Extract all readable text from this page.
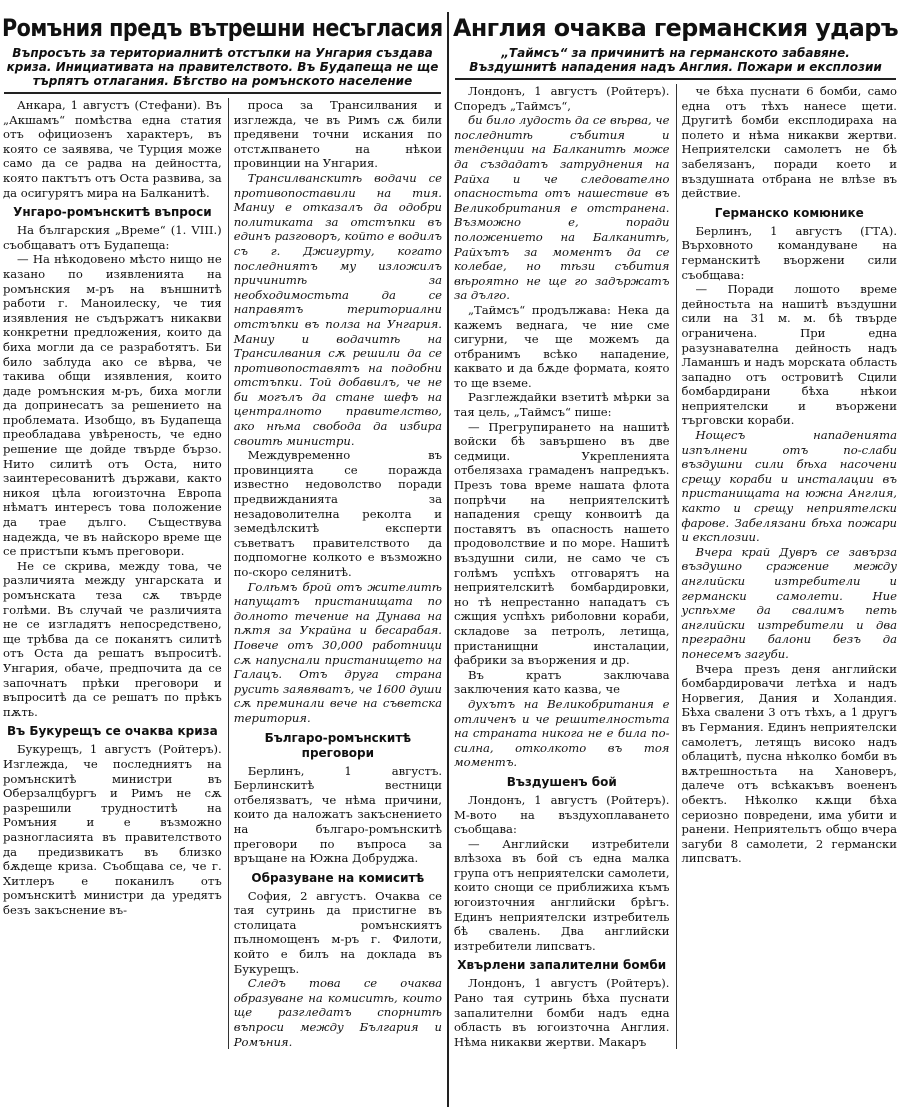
Ромъния предъ вътрешни несъгласия
Въпросъть за териториалнитѣ отстъпки на Унгария създава криза. Инициативата на правителството. Въ Будапеща не ще търпятъ отлагания. Бѣгство на ромънското население

Анкара, 1 августъ (Стефани). Въ „Акшамъ“ помѣства една статия отъ официозенъ характеръ, въ която се заявява, че Турция може само да се радва на дейността, която пактътъ отъ Оста развива, за да осигурятъ мира на Балканитѣ.

Унгаро-ромънскитѣ въпроси

На българския „Време“ (1. VIII.) съобщаватъ отъ Будапеща:

— На нѣкодовено мѣсто нищо не казано по изявленията на ромънския м-ръ на външнитѣ работи г. Маноилеску, че тия изявления не съдържатъ никакви конкретни предложения, които да биха могли да се разработятъ. Би било заблуда ако се вѣрва, че такива общи изявления, които даде ромънския м-ръ, биха могли да допринесатъ за решението на проблемата. Изобщо, въ Будапеща преобладава увѣреность, че едно решение ще дойде твърде бързо. Нито силитѣ отъ Оста, нито заинтересованитѣ държави, както никоя цѣла югоизточна Европа нѣматъ интересъ това положение да трае дълго. Съществува надежда, че въ найскоро време ще се пристъпи къмъ преговори.

Не се скрива, между това, че различията между унгарската и ромънската теза сѫ твърде голѣми. Въ случай че различията не се изгладятъ непосредствено, ще трѣбва да се поканятъ силитѣ отъ Оста да решатъ въпроситѣ. Унгария, обаче, предпочита да се започнатъ прѣки преговори и въпроситѣ да се решатъ по прѣкъ пѫть.

Въ Букурещъ се очаква криза

Букурещъ, 1 августъ (Ройтеръ). Изглежда, че последниятъ на ромънскитѣ министри въ Оберзалцбургъ и Римъ не сѫ разрешили трудноститѣ на Ромъния и е възможно разногласията въ правителството да предизвикатъ въ близко бѫдеще криза. Съобщава се, че г. Хитлеръ е поканилъ отъ ромънскитѣ министри да уредятъ безъ закъснение въ-

проса за Трансилвания и изглежда, че въ Римъ сѫ били предявени точни искания по отстѫпването на нѣкои провинции на Унгария.

Трансилванскитѣ водачи се противопоставили на тия. Маниу е отказалъ да одобри политиката за отстъпки въ единъ разговоръ, който е водилъ съ г. Джигурту, когато последниятъ му изложилъ причинитѣ за необходимостьта да се направятъ териториални отстъпки въ полза на Унгария. Маниу и водачитѣ на Трансилвания сѫ решили да се противопоставятъ на подобни отстъпки. Той добавилъ, че не би могълъ да стане шефъ на централното правителство, ако нѣма свобода да избира своитѣ министри.

Междувременно въ провинцията се поражда известно недоволство поради предвижданията за незадоволителна реколта и земедѣлскитѣ експерти съветватъ правителството да подпомогне колкото е възможно по-скоро селянитѣ.

Голѣмъ брой отъ жителитѣ напущатъ пристанищата по долното течение на Дунава на пѫтя за Украйна и бесарабая. Повече отъ 30,000 работници сѫ напуснали пристанището на Галацъ. Отъ друга страна русить заявяватъ, че 1600 души сѫ преминали вече на съветска територия.

Българо-ромънскитѣ преговори

Берлинъ, 1 августъ. Берлинскитѣ вестници отбелязватъ, че нѣма причини, които да наложатъ закъснението на българо-ромънскитѣ преговори по въпроса за връщане на Южна Добруджа.

Образуване на комиситѣ

София, 2 августъ. Очаква се тая сутринь да пристигне въ столицата ромънскиятъ пълномощенъ м-ръ г. Филоти, който е билъ на доклада въ Букурещъ.

Следъ това се очаква образуване на комиситѣ, които ще разгледатъ спорнитѣ въпроси между България и Ромъния.

Англия очаква германския ударъ
„Таймсъ“ за причинитѣ на германското забавяне. Въздушнитѣ нападения надъ Англия. Пожари и експлозии

Лондонъ, 1 августъ (Ройтеръ). Споредъ „Таймсъ“,

би било лудость да се вѣрва, че последнитѣ събития и тенденции на Балканитѣ може да създадатъ затруднения на Райха и че следователно опасностьта отъ нашествие въ Великобритания е отстранена. Възможно е, поради положението на Балканитѣ, Райхътъ за моментъ да се колебае, но тѣзи събития вѣроятно не ще го задържатъ за дълго.

„Таймсъ“ продължава: Нека да кажемъ веднага, че ние сме сигурни, че ще можемъ да отбранимъ всѣко нападение, каквато и да бѫде формата, която то ще вземе.

Разглеждайки взетитѣ мѣрки за тая цель, „Таймсъ“ пише:

— Прегрупирането на нашитѣ войски бѣ завършено въ две седмици. Укрепленията отбелязаха грамаденъ напредъкъ. Презъ това време нашата флота попрѣчи на неприятелскитѣ нападения срещу конвоитѣ да поставятъ въ опасность нашето продоволствие и по море. Нашитѣ въздушни сили, не само че съ голѣмъ успѣхъ отговарятъ на неприятелскитѣ бомбардировки, но тѣ непрестанно нападатъ съ сжщия успѣхъ риболовни кораби, складове за петролъ, летища, пристанищни инсталации, фабрики за въоржения и др.

Въ кратъ заключава заключения като казва, че

духътъ на Великобритания е отличенъ и че решителностьта на страната никога не е била по-силна, отколкото въ тоя моментъ.

Въздушенъ бой

Лондонъ, 1 августъ (Ройтеръ). М-вото на въздухоплаването съобщава:

— Английски изтребители влѣзоха въ бой съ една малка група отъ неприятелски самолети, които снощи се приближиха къмъ югоизточния английски брѣгъ. Единъ неприятелски изтребитель бѣ свалень. Два английски изтребители липсватъ.

Хвърлени запалителни бомби

Лондонъ, 1 августъ (Ройтеръ). Рано тая сутринь бѣха пуснати запалителни бомби надъ една область въ югоизточна Англия. Нѣма никакви жертви. Макаръ

че бѣха пуснати 6 бомби, само една отъ тѣхъ нанесе щети. Другитѣ бомби експлодираха на полето и нѣма никакви жертви. Неприятелски самолетъ не бѣ забелязанъ, поради което и въздушната отбрана не влѣзе въ действие.

Германско комюнике

Берлинъ, 1 августъ (ГТА). Върховното командуване на германскитѣ въоржени сили съобщава:

— Поради лошото време дейностьта на нашитѣ въздушни сили на 31 м. м. бѣ твърде ограничена. При една разузнавателна дейность надъ Ламаншъ и надъ морската область западно отъ островитѣ Сцили бомбардирани бѣха нѣкои неприятелски и въоржени търговски кораби.

Нощесъ нападенията изпълнени отъ по-слаби въздушни сили бѣха насочени срещу кораби и инсталации въ пристанищата на южна Англия, както и срещу неприятелски фарове. Забелязани бѣха пожари и експлозии.

Вчера край Дувръ се завърза въздушно сражение между английски изтребители и германски самолети. Ние успѣхме да свалимъ петь английски изтребители и два преградни балони безъ да понесемъ загуби.

Вчера презъ деня английски бомбардировачи летѣха и надъ Норвегия, Дания и Холандия. Бѣха свалени 3 отъ тѣхъ, а 1 другъ въ Германия. Единъ неприятелски самолетъ, летящъ високо надъ облацитѣ, пусна нѣколко бомби въ вѫтрешностьта на Хановеръ, далече отъ всѣкакъвъ воененъ обектъ. Нѣколко кѫщи бѣха сериозно повредени, има убити и ранени. Неприятельтъ общо вчера загуби 8 самолети, 2 германски липсватъ.
